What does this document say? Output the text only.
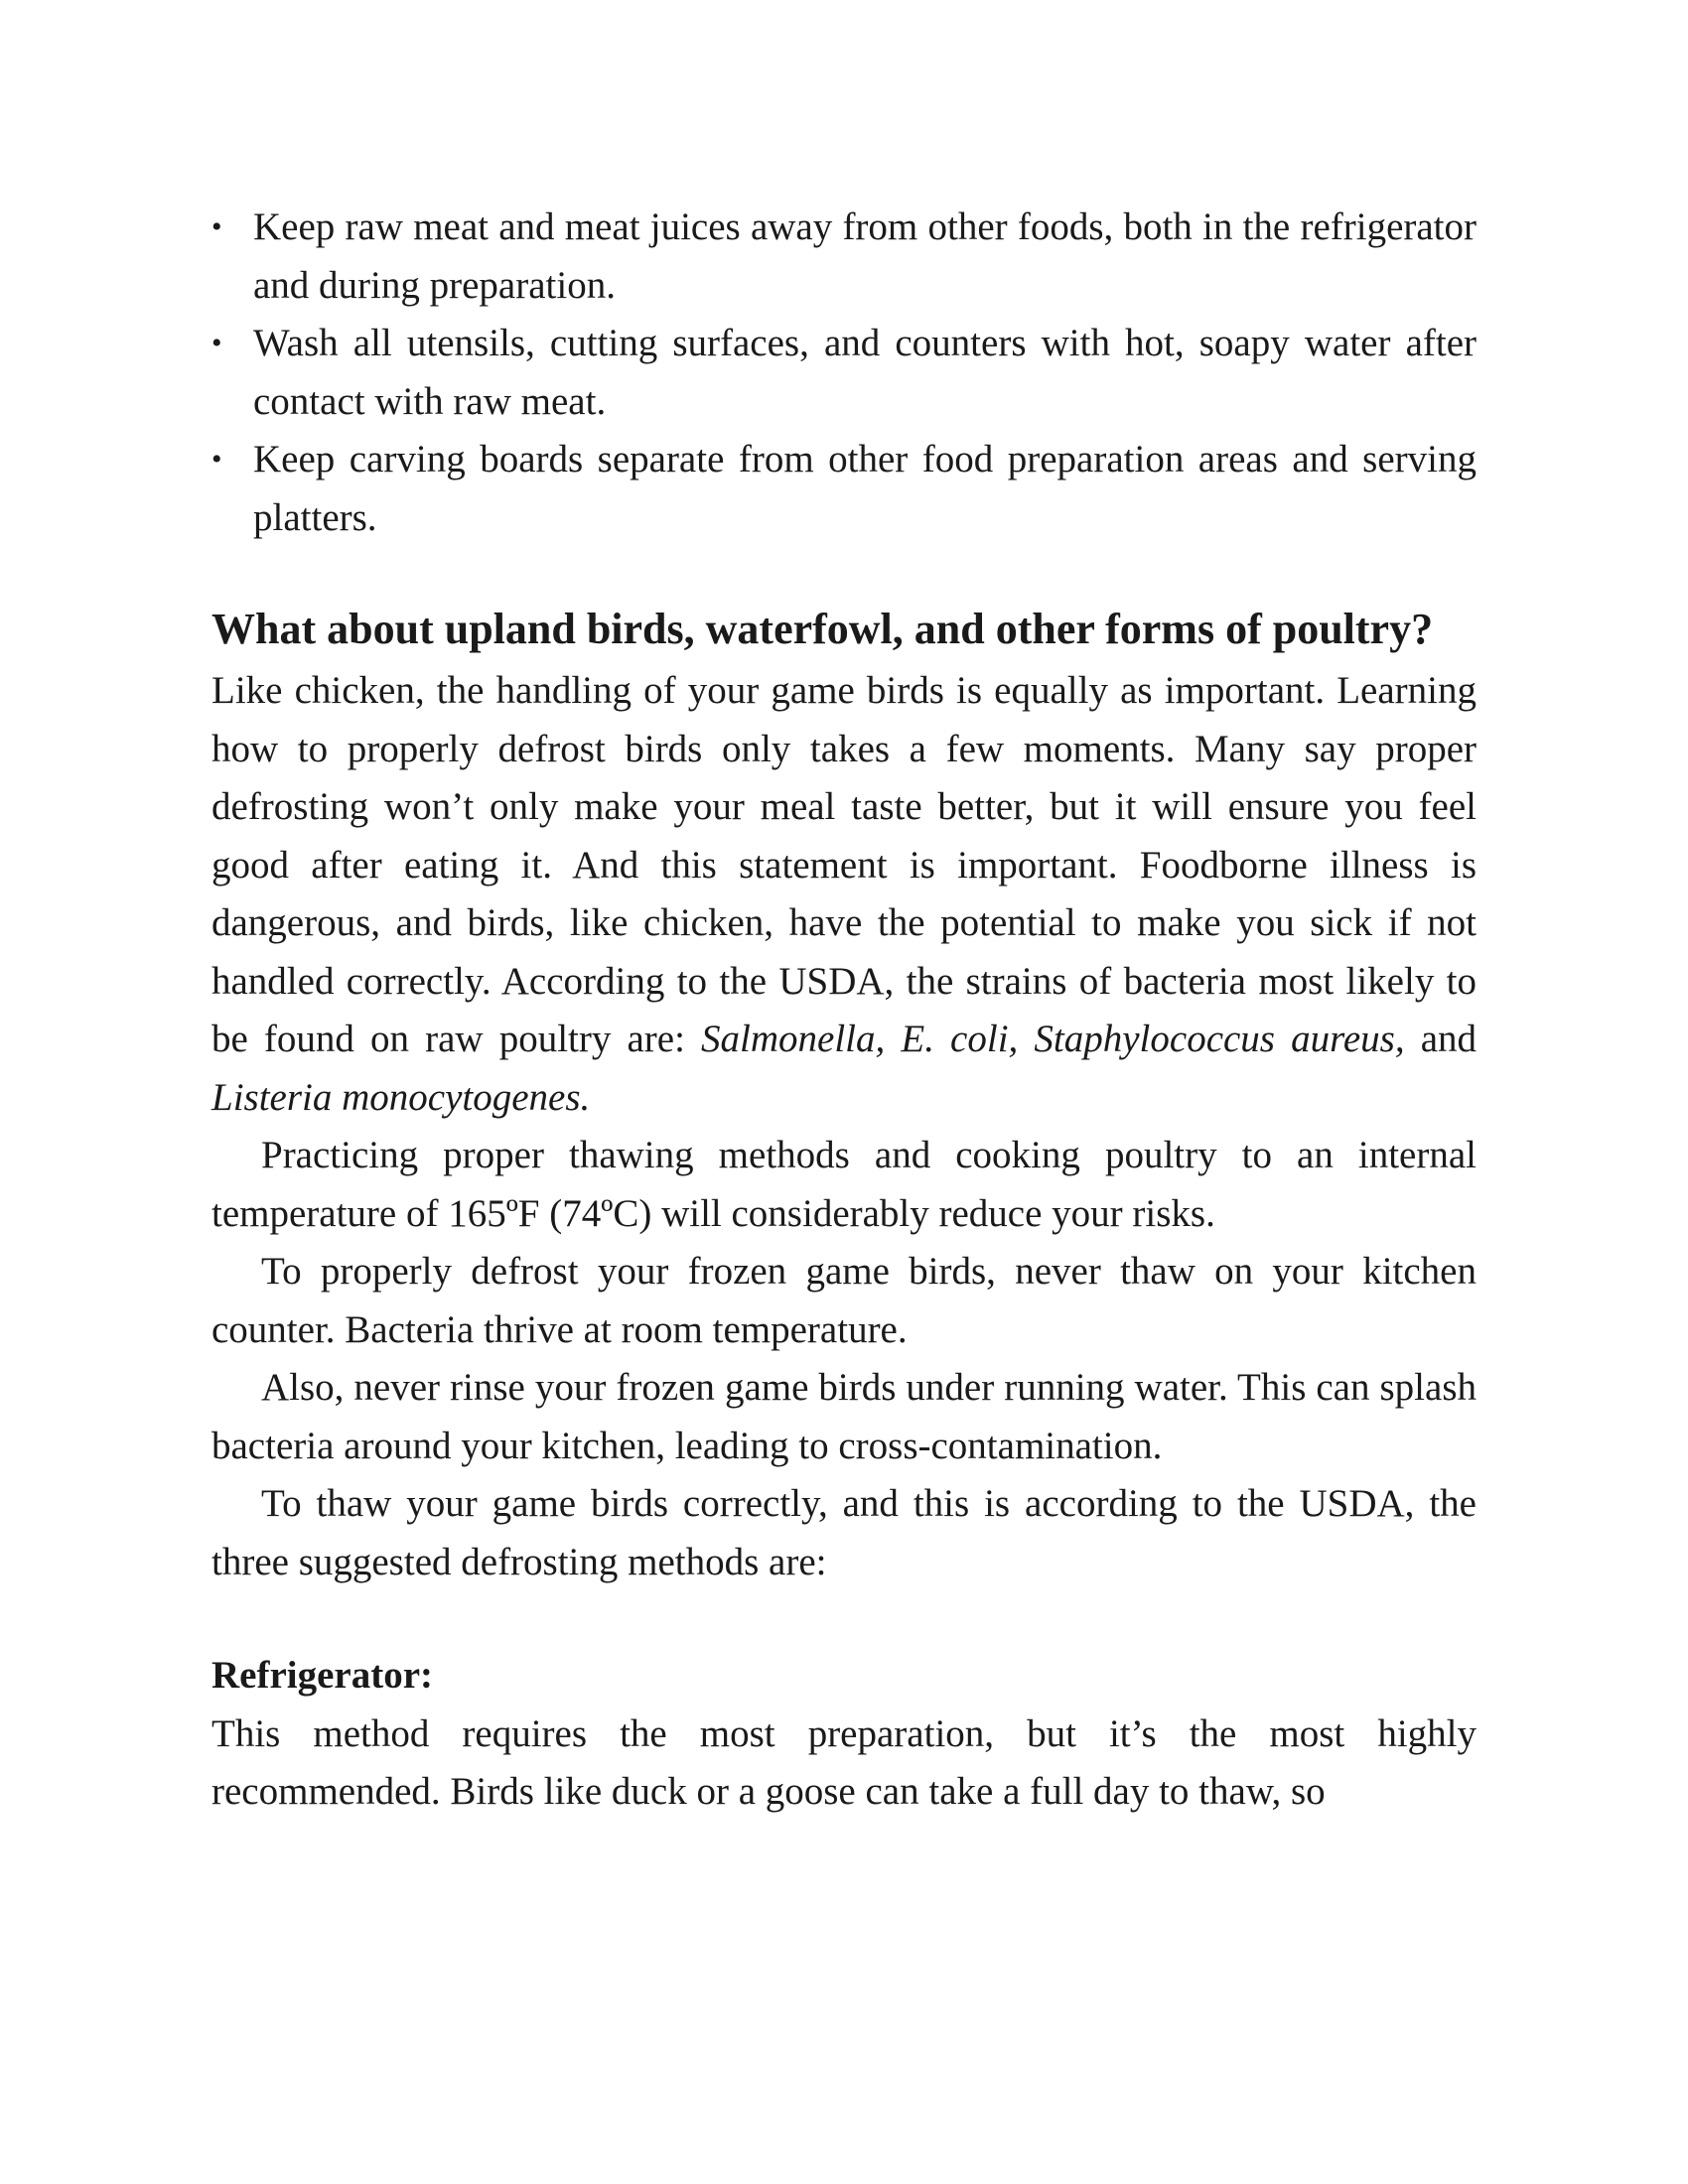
• Keep raw meat and meat juices away from other foods, both in the refrigerator and during preparation.
• Wash all utensils, cutting surfaces, and counters with hot, soapy water after contact with raw meat.
• Keep carving boards separate from other food preparation areas and serving platters.
What about upland birds, waterfowl, and other forms of poultry?

Like chicken, the handling of your game birds is equally as important. Learning how to properly defrost birds only takes a few moments. Many say proper defrosting won’t only make your meal taste better, but it will ensure you feel good after eating it. And this statement is important. Foodborne illness is dangerous, and birds, like chicken, have the potential to make you sick if not handled correctly. According to the USDA, the strains of bacteria most likely to be found on raw poultry are: Salmonella, E. coli, Staphylococcus aureus, and Listeria monocytogenes.

Practicing proper thawing methods and cooking poultry to an internal temperature of 165ºF (74ºC) will considerably reduce your risks.

To properly defrost your frozen game birds, never thaw on your kitchen counter. Bacteria thrive at room temperature.

Also, never rinse your frozen game birds under running water. This can splash bacteria around your kitchen, leading to cross-contamination.

To thaw your game birds correctly, and this is according to the USDA, the three suggested defrosting methods are:

Refrigerator:

This method requires the most preparation, but it’s the most highly recommended. Birds like duck or a goose can take a full day to thaw, so
